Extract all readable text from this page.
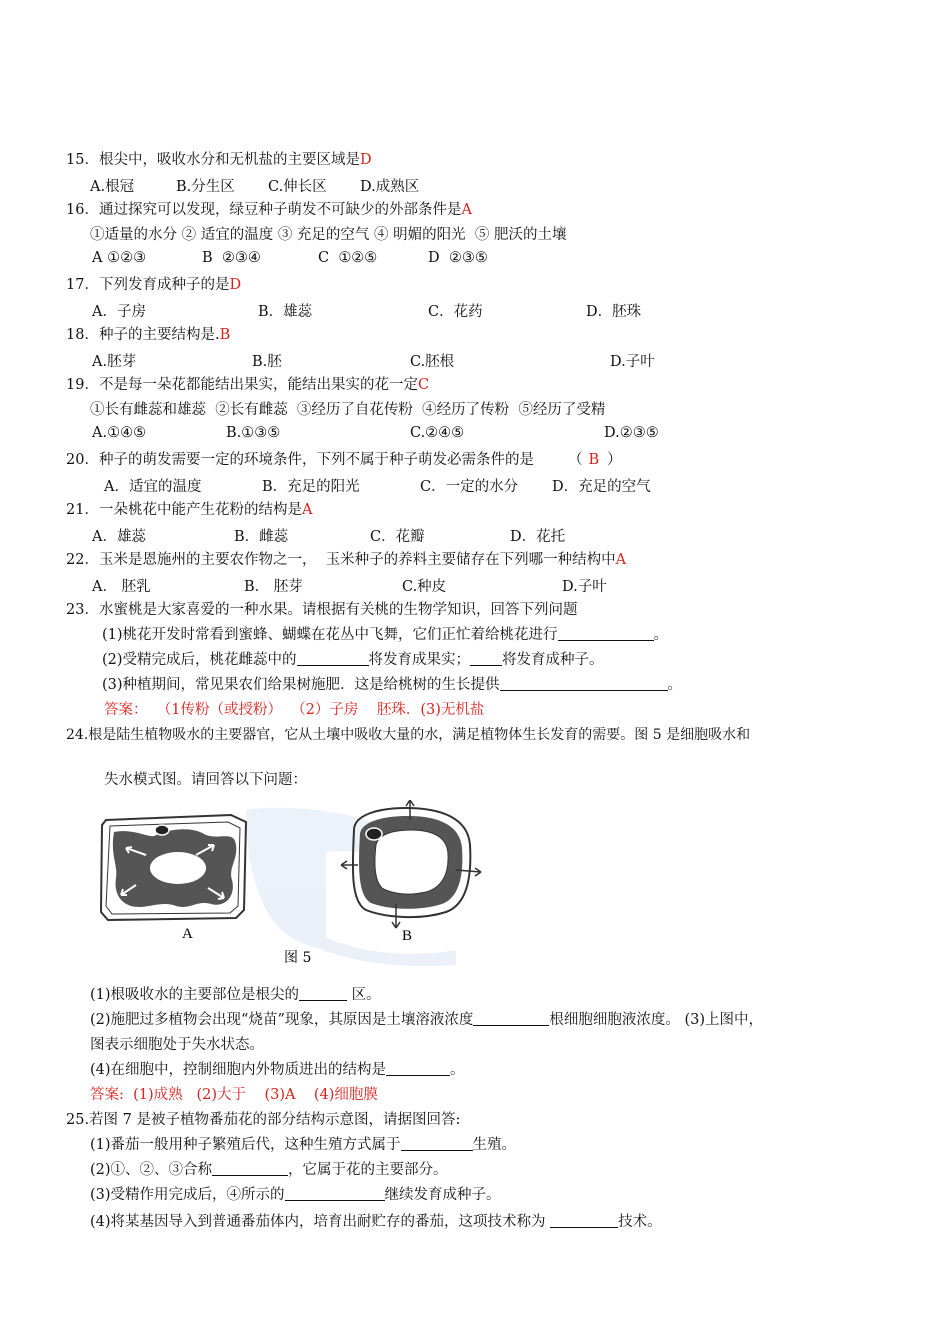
15．根尖中，吸收水分和无机盐的主要区域是D
A.根冠	B.分生区 C.伸长区 D.成熟区
16．通过探究可以发现，绿豆种子萌发不可缺少的外部条件是A
①适量的水分 ② 适宜的温度 ③ 充足的空气 ④ 明媚的阳光  ⑤ 肥沃的土壤
A ①②③	B  ②③④	C  ①②⑤	D  ②③⑤
17．下列发育成种子的是D
A．子房	B．雄蕊	C．花药	D．胚珠
18．种子的主要结构是.B
A.胚芽	B.胚	C.胚根	D.子叶
19．不是每一朵花都能结出果实，能结出果实的花一定C
①长有雌蕊和雄蕊  ②长有雌蕊  ③经历了自花传粉  ④经历了传粉  ⑤经历了受精
A.①④⑤	B.①③⑤	C.②④⑤	D.②③⑤
20．种子的萌发需要一定的环境条件，下列不属于种子萌发必需条件的是 （ B ）
A．适宜的温度	B．充足的阳光	C．一定的水分 D．充足的空气
21．一朵桃花中能产生花粉的结构是A
A．雄蕊	B．雌蕊	C．花瓣	D．花托
22．玉米是恩施州的主要农作物之一，  玉米种子的养料主要储存在下列哪一种结构中A
A． 胚乳	B． 胚芽	C.种皮	D.子叶
23．水蜜桃是大家喜爱的一种水果。请根据有关桃的生物学知识，回答下列问题
(1)桃花开发时常看到蜜蜂、蝴蝶在花丛中飞舞，它们正忙着给桃花进行	。
(2)受精完成后，桃花雌蕊中的	将发育成果实； 将发育成种子。
(3)种植期间，常见果农们给果树施肥．这是给桃树的生长提供	。
答案：  （1传粉（或授粉）  （2）子房    胚珠．(3)无机盐
24.根是陆生植物吸水的主要器官，它从土壤中吸收大量的水，满足植物体生长发育的需要。图 5 是细胞吸水和
失水模式图。请回答以下问题：
A	B
图 5
(1)根吸收水的主要部位是根尖的	区。
(2)施肥过多植物会出现“烧苗”现象，其原因是土壤溶液浓度	根细胞细胞液浓度。 (3)上图中，
图表示细胞处于失水状态。
(4)在细胞中，控制细胞内外物质进出的结构是	。
答案:  (1)成熟   (2)大于    (3)A    (4)细胞膜
25.若图 7 是被子植物番茄花的部分结构示意图，请据图回答:
(1)番茄一般用种子繁殖后代，这种生殖方式属于	生殖。
(2)①、②、③合称	，它属于花的主要部分。
(3)受精作用完成后，④所示的	继续发育成种子。
(4)将某基因导入到普通番茄体内，培育出耐贮存的番茄，这项技术称为	技术。
